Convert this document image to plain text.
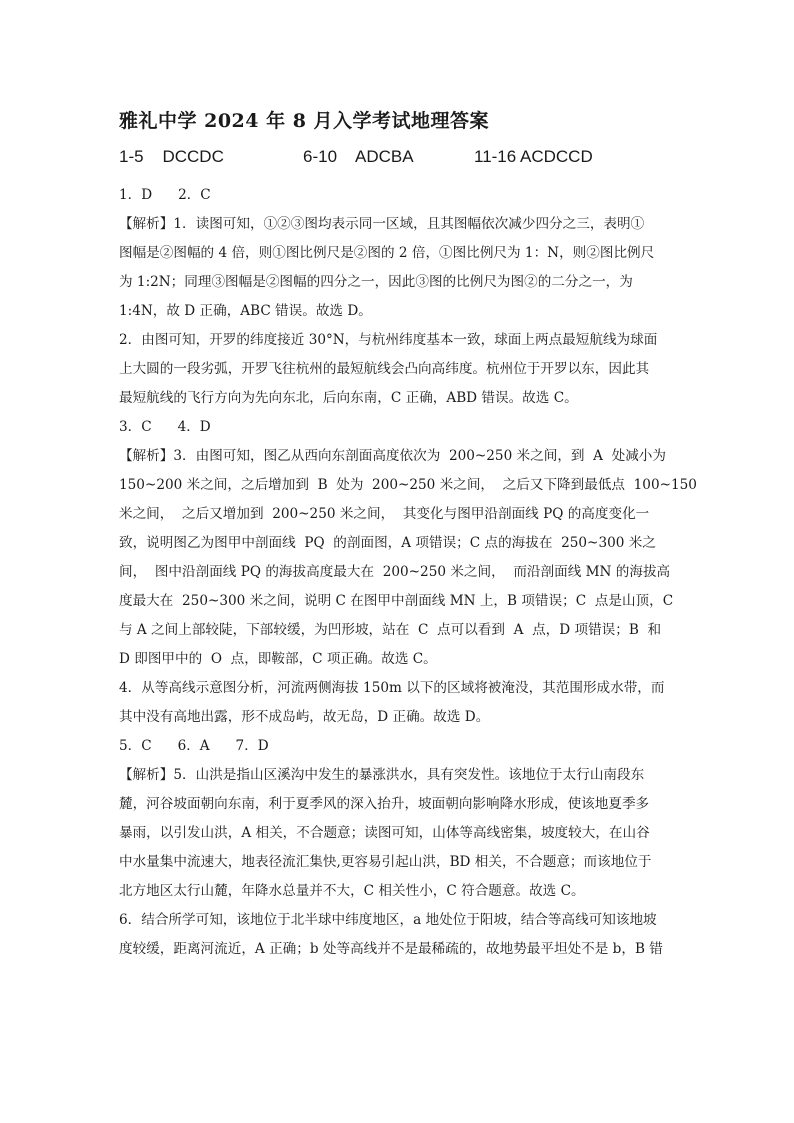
雅礼中学 2024 年 8 月入学考试地理答案
1-5    DCCDC	6-10    ADCBA	11-16 ACDCCD
1．D      2．C
【解析】1．读图可知，①②③图均表示同一区域，且其图幅依次减少四分之三，表明①
图幅是②图幅的 4 倍，则①图比例尺是②图的 2 倍，①图比例尺为 1：N，则②图比例尺
为 1:2N；同理③图幅是②图幅的四分之一，因此③图的比例尺为图②的二分之一，为
1:4N，故 D 正确，ABC 错误。故选 D。
2．由图可知，开罗的纬度接近 30°N，与杭州纬度基本一致，球面上两点最短航线为球面
上大圆的一段劣弧，开罗飞往杭州的最短航线会凸向高纬度。杭州位于开罗以东，因此其
最短航线的飞行方向为先向东北，后向东南，C 正确，ABD 错误。故选 C。
3．C      4．D
【解析】3．由图可知，图乙从西向东剖面高度依次为  200~250 米之间，到  A  处减小为
150~200 米之间，之后增加到  B  处为  200~250 米之间，  之后又下降到最低点  100~150
米之间，  之后又增加到  200~250 米之间，  其变化与图甲沿剖面线 PQ 的高度变化一
致，说明图乙为图甲中剖面线  PQ  的剖面图，A 项错误；C 点的海拔在  250~300 米之
间，  图中沿剖面线 PQ 的海拔高度最大在  200~250 米之间，  而沿剖面线 MN 的海拔高
度最大在  250~300 米之间，说明 C 在图甲中剖面线 MN 上，B 项错误；C  点是山顶，C
与 A 之间上部较陡，下部较缓，为凹形坡，站在  C  点可以看到  A  点，D 项错误；B  和
D 即图甲中的  O  点，即鞍部，C 项正确。故选 C。
4．从等高线示意图分析，河流两侧海拔 150m 以下的区域将被淹没，其范围形成水带，而
其中没有高地出露，形不成岛屿，故无岛，D 正确。故选 D。
5．C      6．A      7．D
【解析】5．山洪是指山区溪沟中发生的暴涨洪水，具有突发性。该地位于太行山南段东
麓，河谷坡面朝向东南，利于夏季风的深入抬升，坡面朝向影响降水形成，使该地夏季多
暴雨，以引发山洪，A 相关，不合题意；读图可知，山体等高线密集，坡度较大，在山谷
中水量集中流速大，地表径流汇集快,更容易引起山洪，BD 相关，不合题意；而该地位于
北方地区太行山麓，年降水总量并不大，C 相关性小，C 符合题意。故选 C。
6．结合所学可知，该地位于北半球中纬度地区，a 地处位于阳坡，结合等高线可知该地坡
度较缓，距离河流近，A 正确；b 处等高线并不是最稀疏的，故地势最平坦处不是 b，B 错
